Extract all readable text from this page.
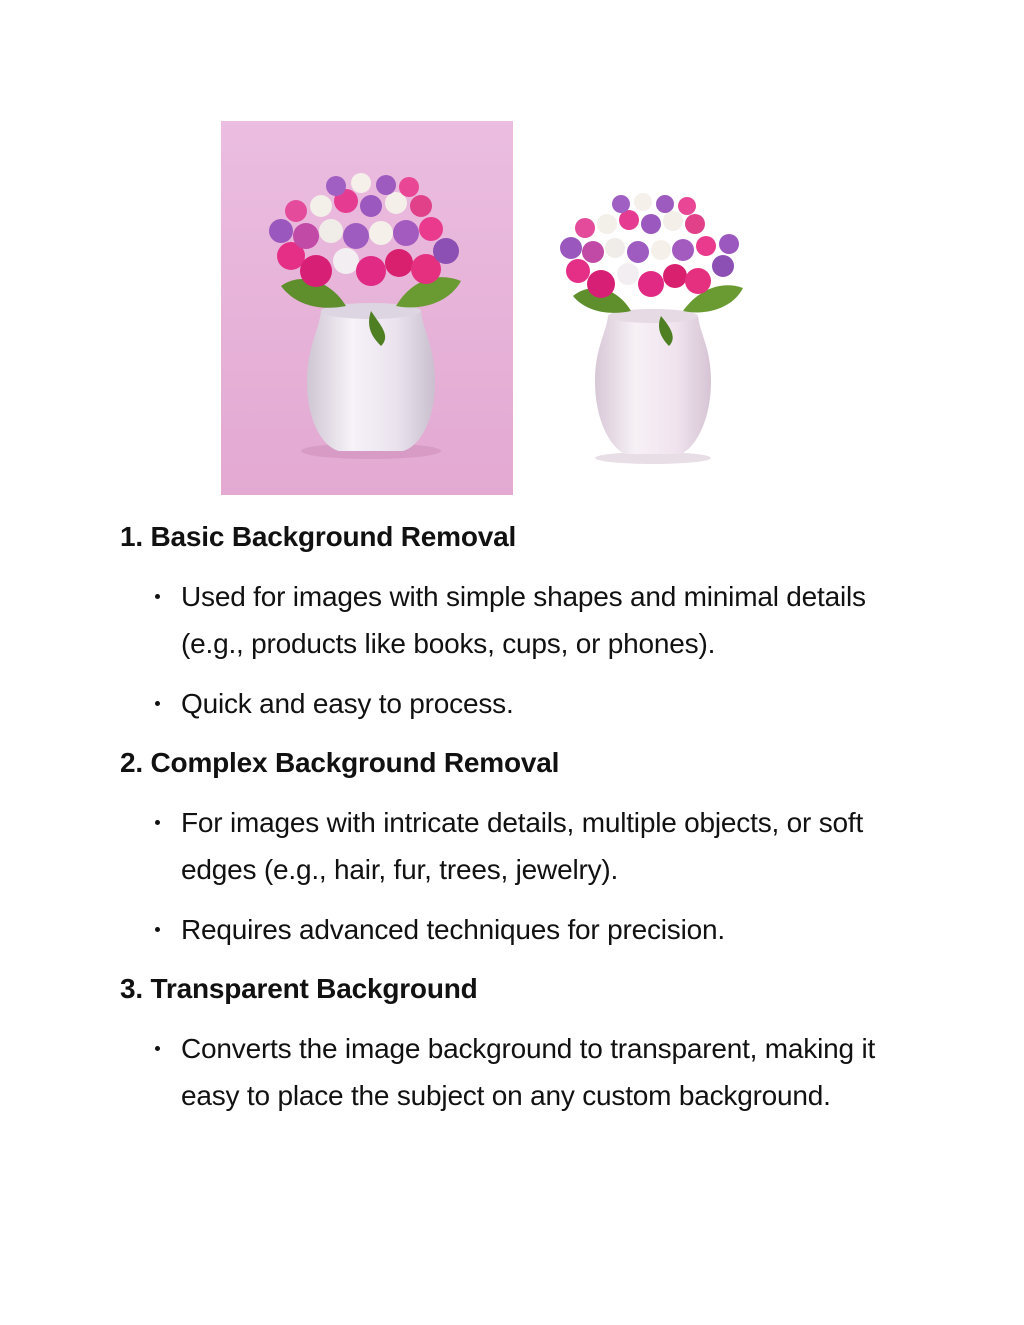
1. Basic Background Removal
Used for images with simple shapes and minimal details (e.g., products like books, cups, or phones).
Quick and easy to process.
2. Complex Background Removal
For images with intricate details, multiple objects, or soft edges (e.g., hair, fur, trees, jewelry).
Requires advanced techniques for precision.
3. Transparent Background
Converts the image background to transparent, making it easy to place the subject on any custom background.
